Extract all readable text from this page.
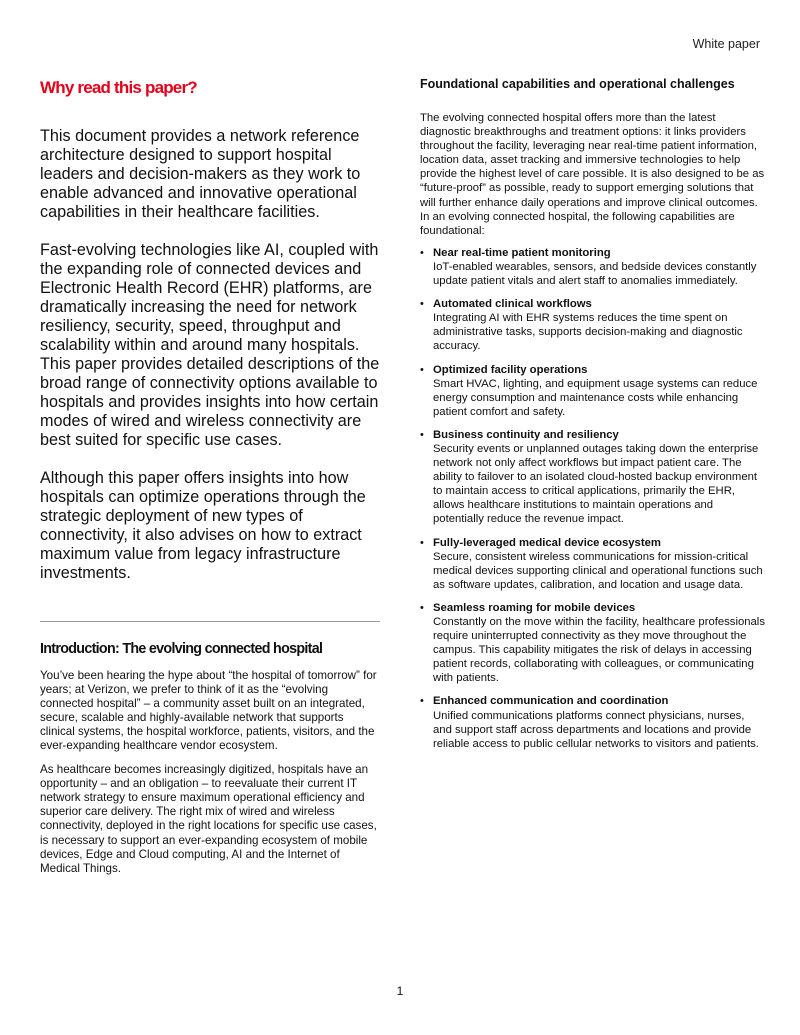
White paper
Why read this paper?

This document provides a network reference architecture designed to support hospital leaders and decision-makers as they work to enable advanced and innovative operational capabilities in their healthcare facilities.

Fast-evolving technologies like AI, coupled with the expanding role of connected devices and Electronic Health Record (EHR) platforms, are dramatically increasing the need for network resiliency, security, speed, throughput and scalability within and around many hospitals. This paper provides detailed descriptions of the broad range of connectivity options available to hospitals and provides insights into how certain modes of wired and wireless connectivity are best suited for specific use cases.

Although this paper offers insights into how hospitals can optimize operations through the strategic deployment of new types of connectivity, it also advises on how to extract maximum value from legacy infrastructure investments.

Introduction: The evolving connected hospital

You’ve been hearing the hype about “the hospital of tomorrow” for years; at Verizon, we prefer to think of it as the “evolving connected hospital” – a community asset built on an integrated, secure, scalable and highly-available network that supports clinical systems, the hospital workforce, patients, visitors, and the ever-expanding healthcare vendor ecosystem.

As healthcare becomes increasingly digitized, hospitals have an opportunity – and an obligation – to reevaluate their current IT network strategy to ensure maximum operational efficiency and superior care delivery. The right mix of wired and wireless connectivity, deployed in the right locations for specific use cases, is necessary to support an ever-expanding ecosystem of mobile devices, Edge and Cloud computing, AI and the Internet of Medical Things.

Foundational capabilities and operational challenges

The evolving connected hospital offers more than the latest diagnostic breakthroughs and treatment options: it links providers throughout the facility, leveraging near real-time patient information, location data, asset tracking and immersive technologies to help provide the highest level of care possible. It is also designed to be as “future-proof” as possible, ready to support emerging solutions that will further enhance daily operations and improve clinical outcomes. In an evolving connected hospital, the following capabilities are foundational:

• Near real-time patient monitoring
IoT-enabled wearables, sensors, and bedside devices constantly update patient vitals and alert staff to anomalies immediately.
• Automated clinical workflows
Integrating AI with EHR systems reduces the time spent on administrative tasks, supports decision-making and diagnostic accuracy.
• Optimized facility operations
Smart HVAC, lighting, and equipment usage systems can reduce energy consumption and maintenance costs while enhancing patient comfort and safety.
• Business continuity and resiliency
Security events or unplanned outages taking down the enterprise network not only affect workflows but impact patient care. The ability to failover to an isolated cloud-hosted backup environment to maintain access to critical applications, primarily the EHR, allows healthcare institutions to maintain operations and potentially reduce the revenue impact.
• Fully-leveraged medical device ecosystem
Secure, consistent wireless communications for mission-critical medical devices supporting clinical and operational functions such as software updates, calibration, and location and usage data.
• Seamless roaming for mobile devices
Constantly on the move within the facility, healthcare professionals require uninterrupted connectivity as they move throughout the campus. This capability mitigates the risk of delays in accessing patient records, collaborating with colleagues, or communicating with patients.
• Enhanced communication and coordination
Unified communications platforms connect physicians, nurses, and support staff across departments and locations and provide reliable access to public cellular networks to visitors and patients.
1
